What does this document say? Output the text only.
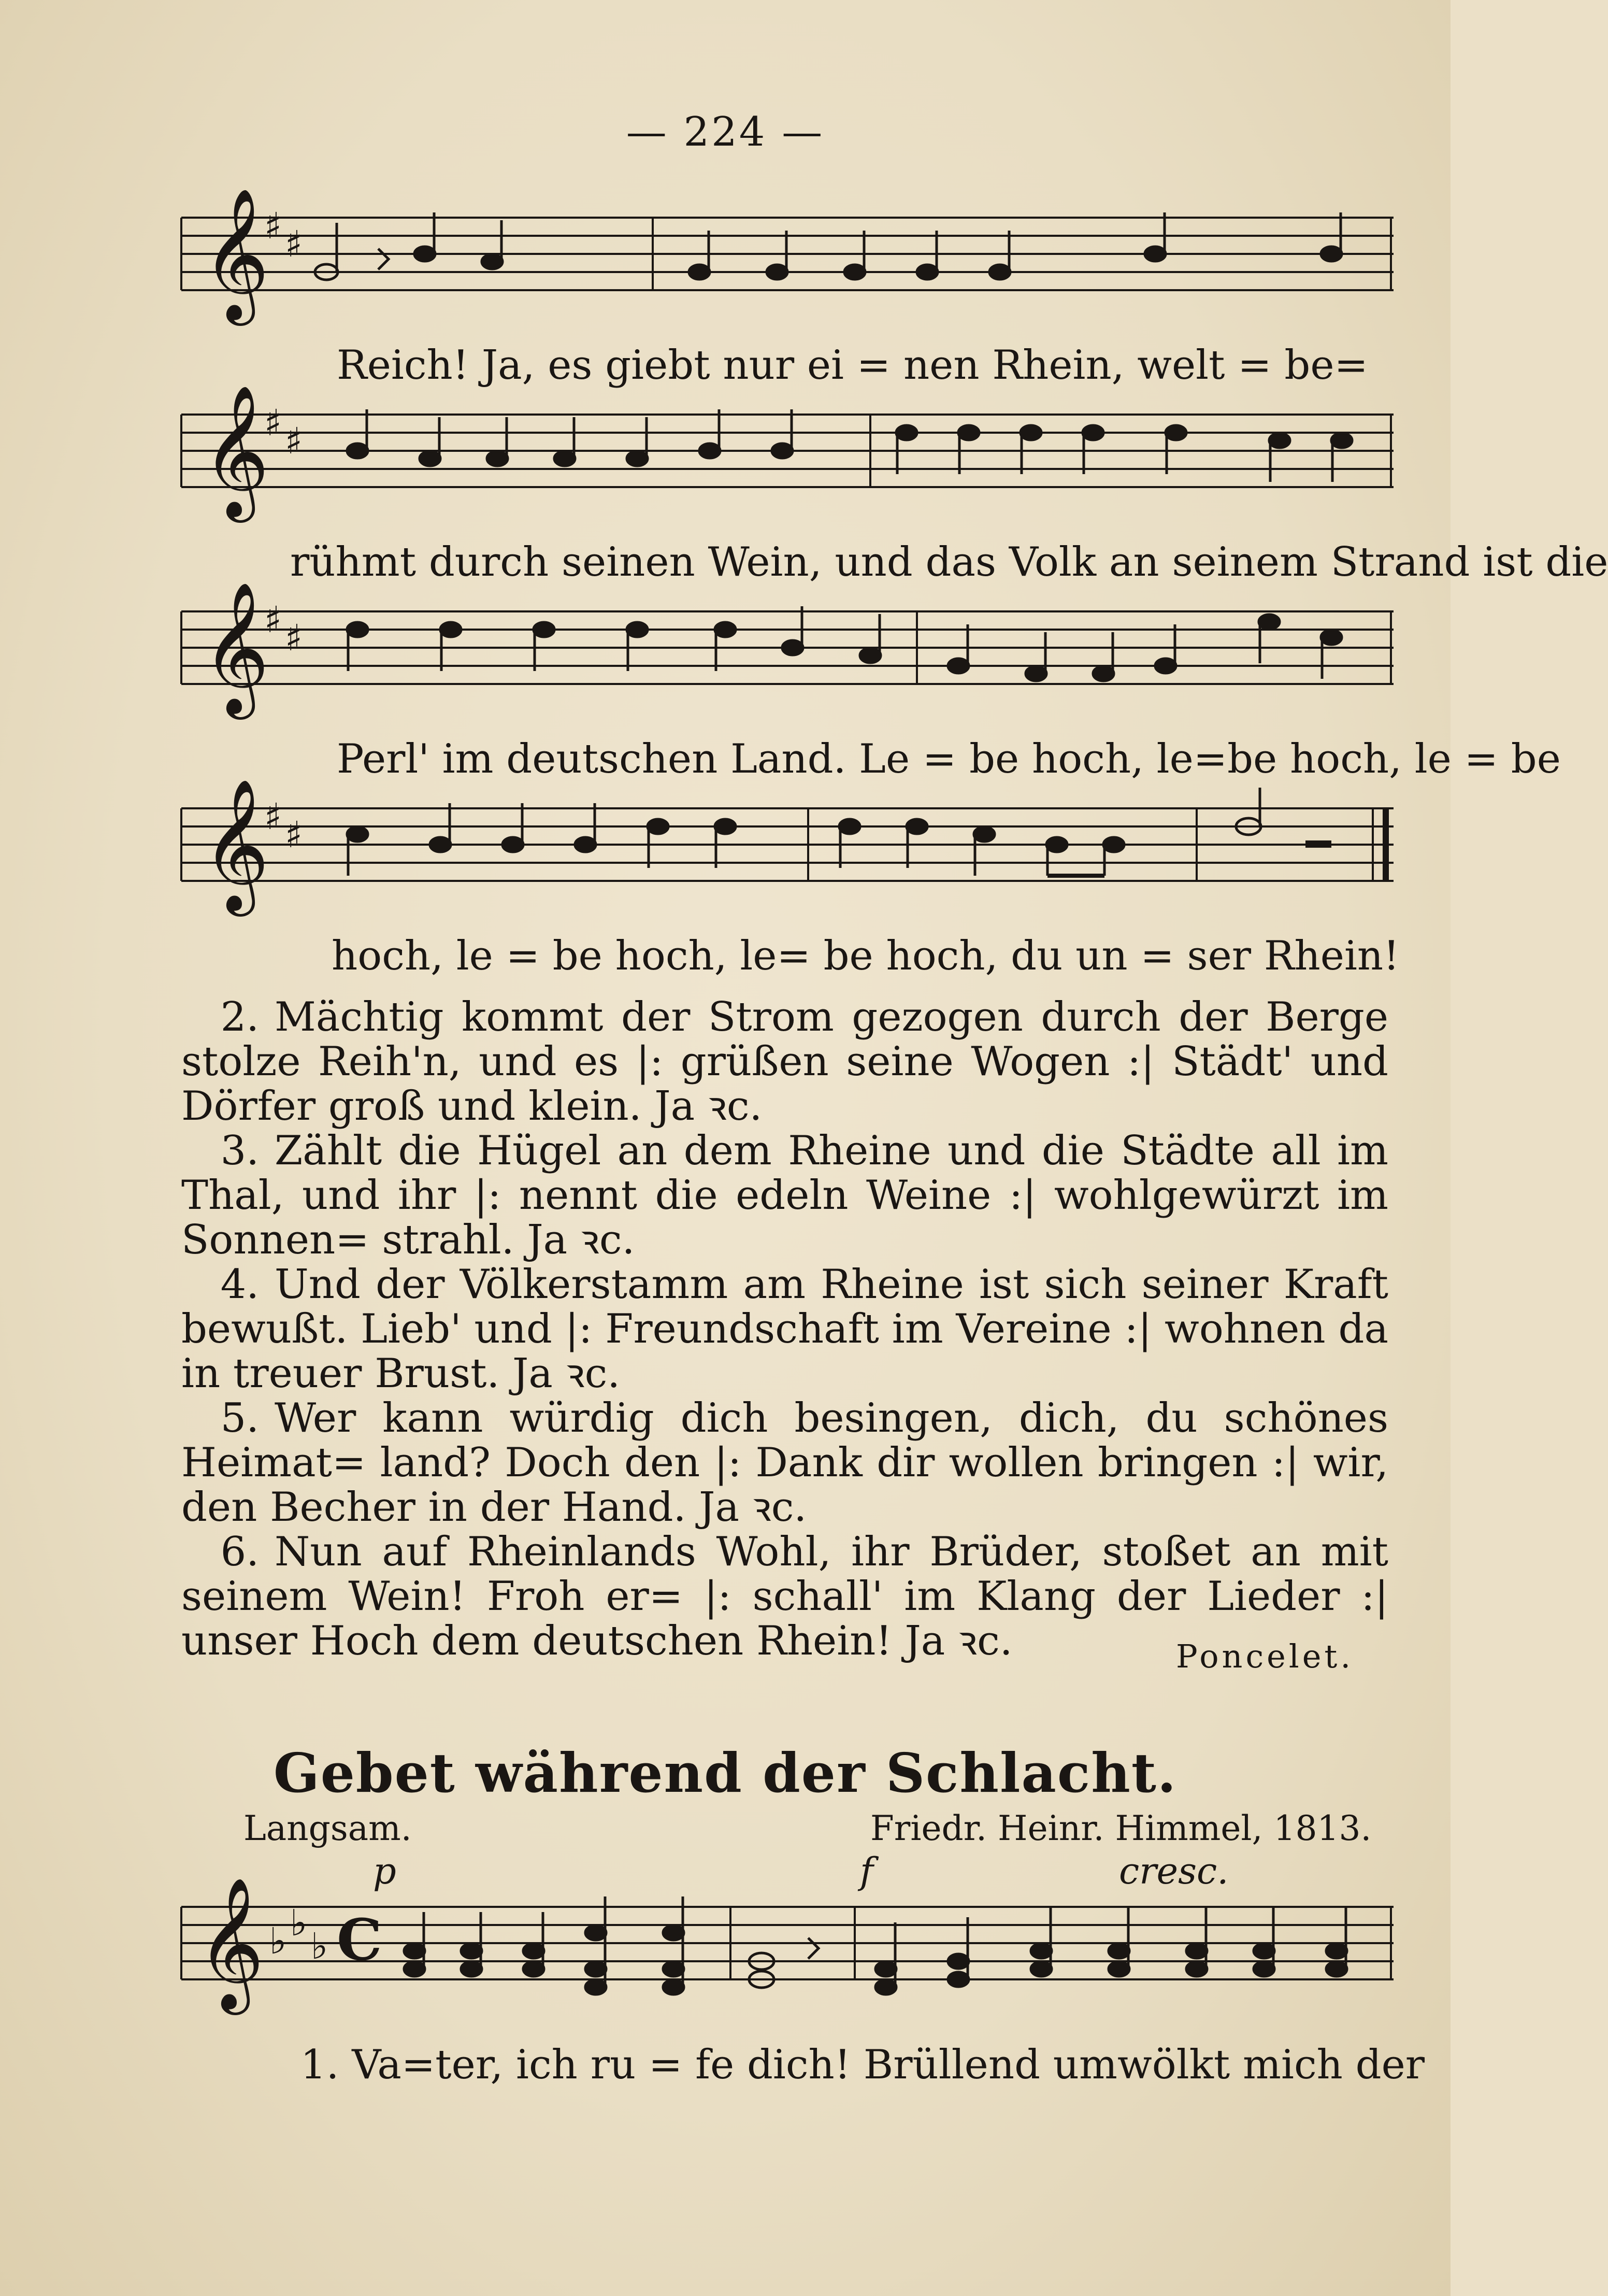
— 224 —
𝄞
♯ ♯
Reich! Ja, es giebt nur ei = nen Rhein, welt = be=
𝄞
♯ ♯
rühmt durch seinen Wein, und das Volk an seinem Strand ist die
𝄞
♯ ♯
Perl' im deutschen Land. Le = be hoch, le=be hoch, le = be
𝄞
♯ ♯
hoch, le = be hoch, le= be hoch, du un = ser Rhein!

2. Mächtig kommt der Strom gezogen durch der Berge stolze Reih'n, und es |: grüßen seine Wogen :| Städt' und Dörfer groß und klein. Ja ꝛc.

3. Zählt die Hügel an dem Rheine und die Städte all im Thal, und ihr |: nennt die edeln Weine :| wohlgewürzt im Sonnen= strahl. Ja ꝛc.

4. Und der Völkerstamm am Rheine ist sich seiner Kraft bewußt. Lieb' und |: Freundschaft im Vereine :| wohnen da in treuer Brust. Ja ꝛc.

5. Wer kann würdig dich besingen, dich, du schönes Heimat= land? Doch den |: Dank dir wollen bringen :| wir, den Becher in der Hand. Ja ꝛc.

6. Nun auf Rheinlands Wohl, ihr Brüder, stoßet an mit seinem Wein! Froh er= |: schall' im Klang der Lieder :| unser Hoch dem deutschen Rhein! Ja ꝛc.	Poncelet.
Gebet während der Schlacht.
Langsam.	Friedr. Heinr. Himmel, 1813.
p	f	cresc.
𝄞 ♭ ♭
♭ C
1. Va=ter, ich ru = fe dich! Brüllend umwölkt mich der
